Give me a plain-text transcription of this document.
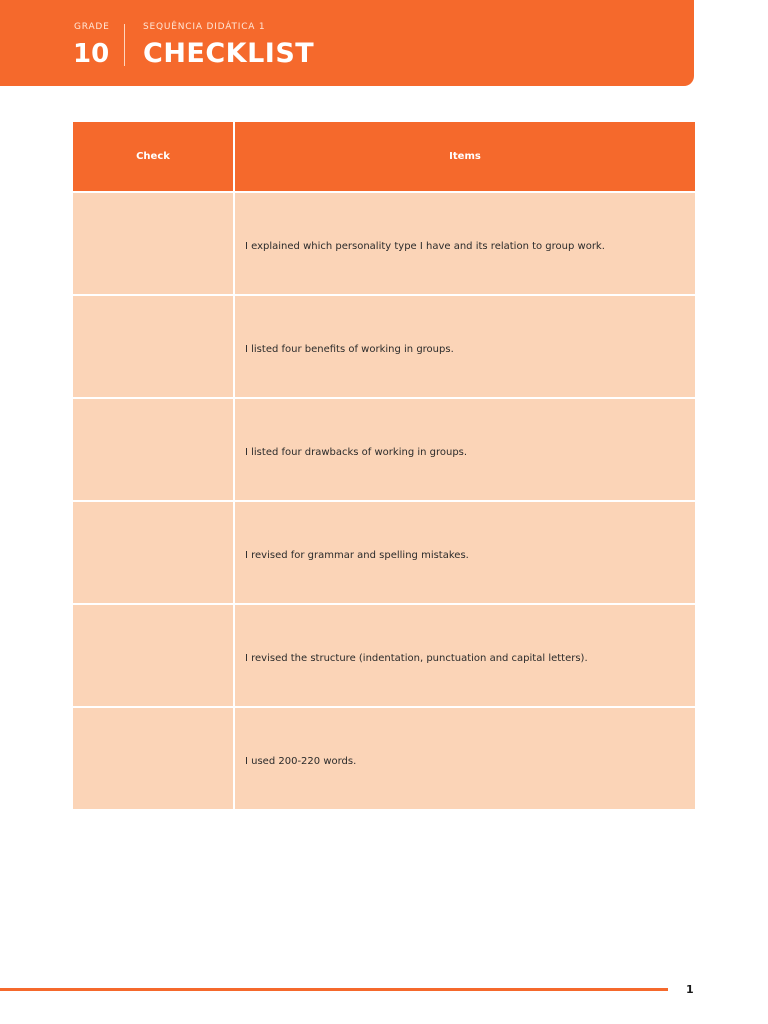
GRADE
10
SEQUÊNCIA DIDÁTICA 1
CHECKLIST
Check	Items
	I explained which personality type I have and its relation to group work.
	I listed four benefits of working in groups.
	I listed four drawbacks of working in groups.
	I revised for grammar and spelling mistakes.
	I revised the structure (indentation, punctuation and capital letters).
	I used 200-220 words.
1
